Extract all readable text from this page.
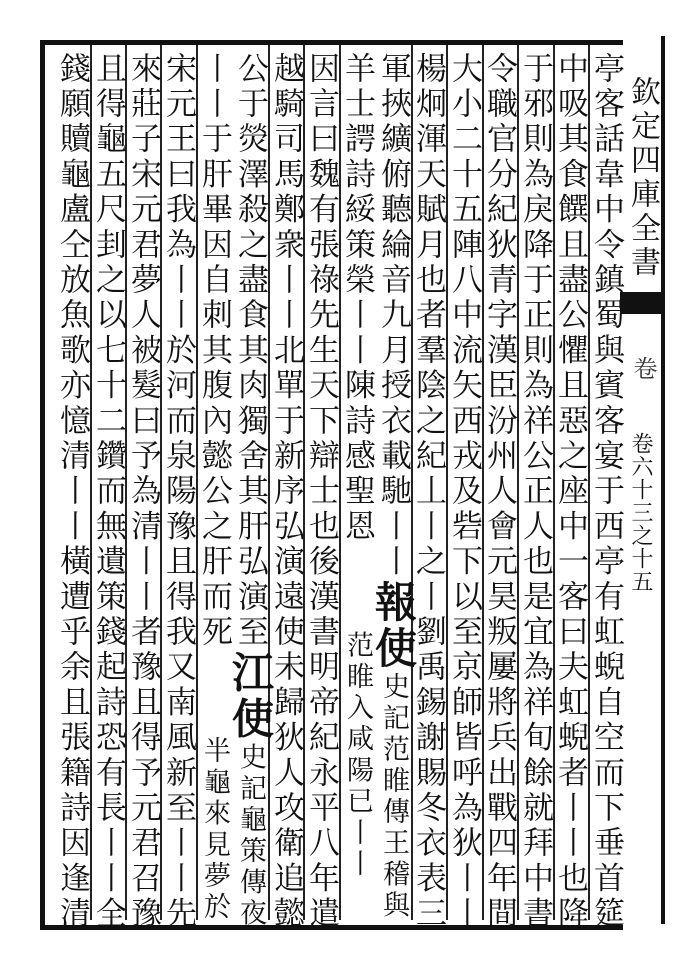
欽定四庫全書
卷
卷六十三之十五
亭客話韋中令鎮蜀與賓客宴于西亭有虹蜺自空而下垂首筵
中吸其食饌且盡公懼且惡之座中一客曰夫虹蜺者丨丨也降
于邪則為戾降于正則為祥公正人也是宜為祥旬餘就拜中書
令職官分紀狄青字漢臣汾州人會元昊叛屢將兵出戰四年間
大小二十五陣八中流矢西戎及砦下以至京師皆呼為狄丨丨
楊炯渾天賦月也者羣陰之紀丄丨之丨劉禹錫謝賜冬衣表三
軍挾纊俯聽綸音九月授衣載馳丨丨報使史記范睢傳王稽與
羊士諤詩綏策榮丨丨陳詩感聖恩范睢入咸陽已丨丨
因言曰魏有張祿先生天下辯士也後漢書明帝紀永平八年遣
越騎司馬鄭衆丨丨北單于新序弘演遠使未歸狄人攻衛追懿
公于熒澤殺之盡食其肉獨舍其肝弘演至江使史記龜策傳夜
丨丨于肝畢因自刺其腹內懿公之肝而死半龜來見夢於
宋元王曰我為丨丨於河而泉陽豫且得我又南風新至丨丨先
來莊子宋元君夢人被髮曰予為清丨丨者豫且得予元君召豫
且得龜五尺刲之以七十二鑽而無遺策錢起詩恐有長丨丨全
錢願贖龜盧仝放魚歌亦憶清丨丨橫遭乎余且張籍詩因逢清
